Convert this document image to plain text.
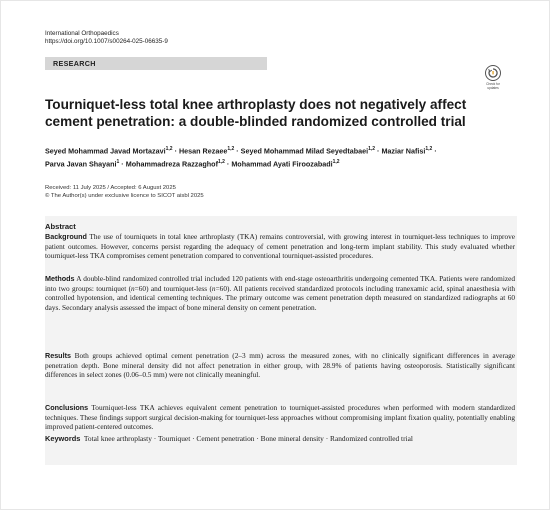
International Orthopaedics
https://doi.org/10.1007/s00264-025-06635-9
RESEARCH
Check for
updates
Tourniquet-less total knee arthroplasty does not negatively affect
cement penetration: a double-blinded randomized controlled trial
Seyed Mohammad Javad Mortazavi$^{1,2}$ · Hesan Rezaee$^{1,2}$ · Seyed Mohammad Milad Seyedtabaei$^{1,2}$ · Maziar Nafisi$^{1,2}$ ·
Parva Javan Shayani$^1$ · Mohammadreza Razzaghof$^{1,2}$ · Mohammad Ayati Firoozabadi$^{1,2}$
Received: 11 July 2025 / Accepted: 6 August 2025
© The Author(s) under exclusive licence to SICOT aisbl 2025
Abstract
Background The use of tourniquets in total knee arthroplasty (TKA) remains controversial, with growing interest in tourniquet-less techniques to improve patient outcomes. However, concerns persist regarding the adequacy of cement penetration and long-term implant stability. This study evaluated whether tourniquet-less TKA compromises cement penetration compared to conventional tourniquet-assisted procedures.
Methods A double-blind randomized controlled trial included 120 patients with end-stage osteoarthritis undergoing cemented TKA. Patients were randomized into two groups: tourniquet (n=60) and tourniquet-less (n=60). All patients received standardized protocols including tranexamic acid, spinal anaesthesia with controlled hypotension, and identical cementing techniques. The primary outcome was cement penetration depth measured on standardized radiographs at 60 days. Secondary analysis assessed the impact of bone mineral density on cement penetration.
Results Both groups achieved optimal cement penetration (2–3 mm) across the measured zones, with no clinically significant differences in average penetration depth. Bone mineral density did not affect penetration in either group, with 28.9% of patients having osteoporosis. Statistically significant differences in select zones (0.06–0.5 mm) were not clinically meaningful.
Conclusions Tourniquet-less TKA achieves equivalent cement penetration to tourniquet-assisted procedures when performed with modern standardized techniques. These findings support surgical decision-making for tourniquet-less approaches without compromising implant fixation quality, potentially enabling improved patient-centered outcomes.
Keywords Total knee arthroplasty · Tourniquet · Cement penetration · Bone mineral density · Randomized controlled trial
